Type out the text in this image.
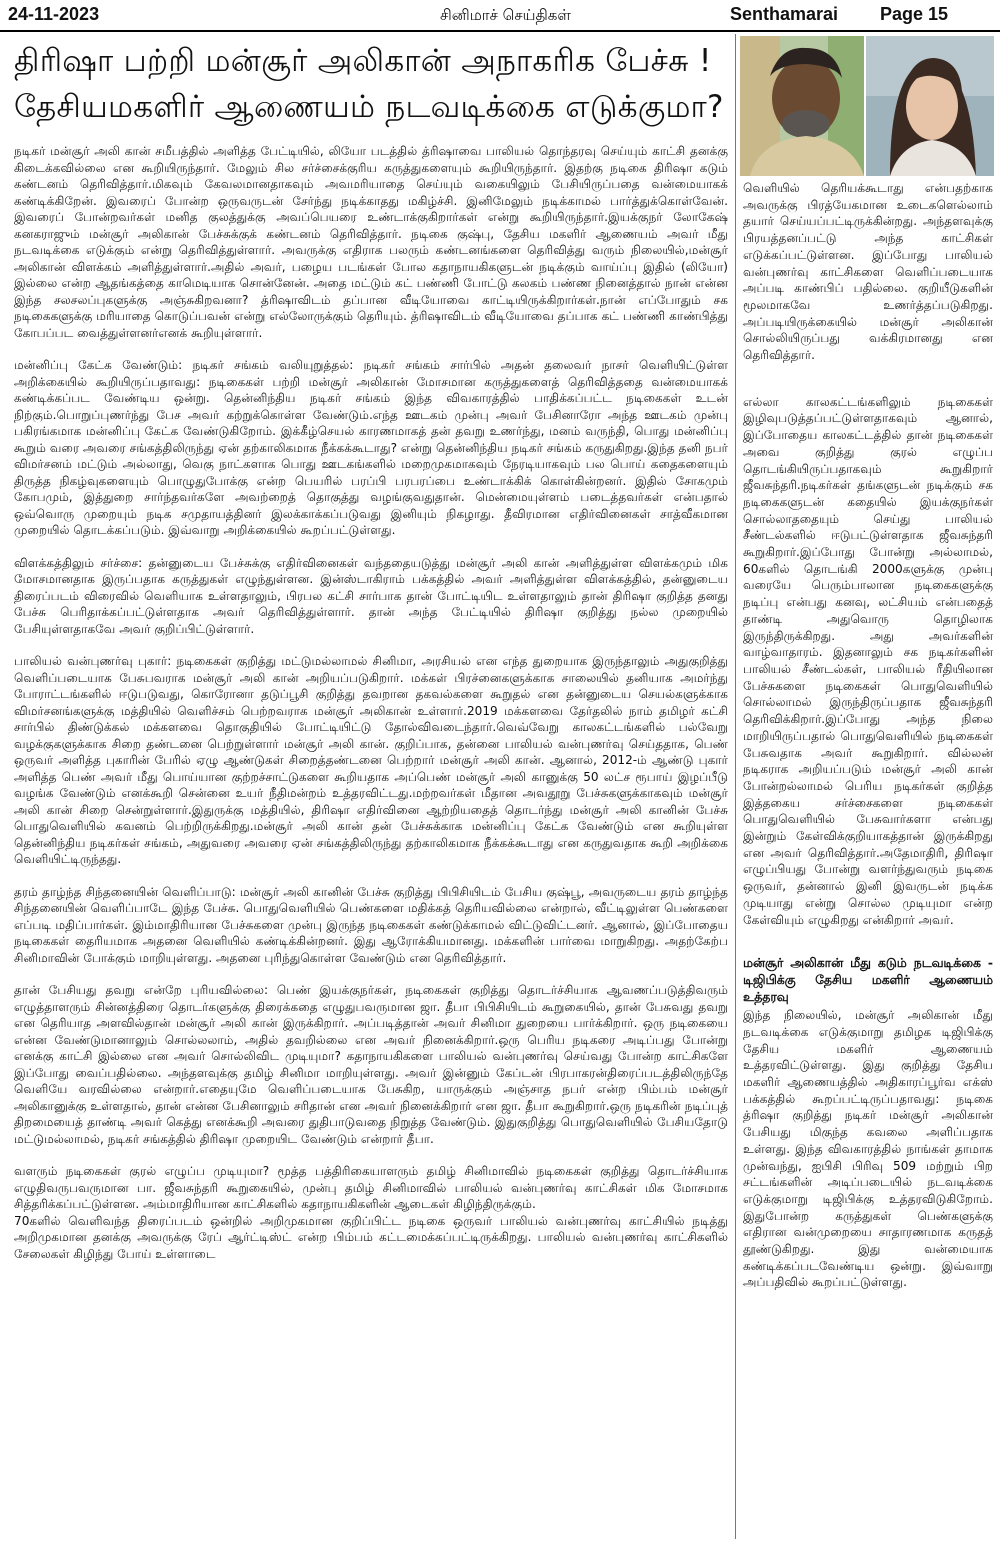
24-11-2023	சினிமாச் செய்திகள்	Senthamarai Page 15
திரிஷா பற்றி மன்சூர் அலிகான் அநாகரிக பேச்சு !
தேசியமகளிர் ஆணையம் நடவடிக்கை எடுக்குமா?

நடிகர் மன்சூர் அலி கான் சமீபத்தில் அளித்த பேட்டியில், லியோ படத்தில் த்ரிஷாவை பாலியல் தொந்தரவு செய்யும் காட்சி தனக்கு கிடைக்கவில்லை என கூறியிருந்தார். மேலும் சில சர்ச்சைக்குரிய கருத்துகளையும் கூறியிருந்தார். இதற்கு நடிகை திரிஷா கடும் கண்டனம் தெரிவித்தார்.மிகவும் கேவலமானதாகவும் அவமரியாதை செய்யும் வகையிலும் பேசியிருப்பதை வன்மையாகக் கண்டிக்கிறேன். இவரைப் போன்ற ஒருவருடன் சேர்ந்து நடிக்காதது மகிழ்ச்சி. இனிமேலும் நடிக்காமல் பார்த்துக்கொள்வேன். இவரைப் போன்றவர்கள் மனித குலத்துக்கு அவப்பெயரை உண்டாக்குகிறார்கள் என்று கூறியிருந்தார்.இயக்குநர் லோகேஷ் கனகராஜும் மன்சூர் அலிகான் பேச்சுக்குக் கண்டனம் தெரிவித்தார். நடிகை குஷ்பு, தேசிய மகளிர் ஆணையம் அவர் மீது நடவடிக்கை எடுக்கும் என்று தெரிவித்துள்ளார். அவருக்கு எதிராக பலரும் கண்டனங்களை தெரிவித்து வரும் நிலையில்,மன்சூர் அலிகான் விளக்கம் அளித்துள்ளார்.அதில் அவர், பழைய படங்கள் போல கதாநாயகிகளுடன் நடிக்கும் வாய்ப்பு இதில் (லியோ) இல்லை என்ற ஆதங்கத்தை காமெடியாக சொன்னேன். அதை மட்டும் கட் பண்ணி போட்டு கலகம் பண்ண நினைத்தால் நான் என்ன இந்த சலசலப்புகளுக்கு அஞ்சுகிறவனா? த்ரிஷாவிடம் தப்பான வீடியோவை காட்டியிருக்கிறார்கள்.நான் எப்போதும் சக நடிகைகளுக்கு மரியாதை கொடுப்பவன் என்று எல்லோருக்கும் தெரியும். த்ரிஷாவிடம் வீடியோவை தப்பாக கட் பண்ணி காண்பித்து கோபப்பட வைத்துள்ளனர்எனக் கூறியுள்ளார்.

மன்னிப்பு கேட்க வேண்டும்: நடிகர் சங்கம் வலியுறுத்தல்: நடிகர் சங்கம் சார்பில் அதன் தலைவர் நாசர் வெளியிட்டுள்ள அறிக்கையில் கூறியிருப்பதாவது: நடிகைகள் பற்றி மன்சூர் அலிகான் மோசமான கருத்துகளைத் தெரிவித்ததை வன்மையாகக் கண்டிக்கப்பட வேண்டிய ஒன்று. தென்னிந்திய நடிகர் சங்கம் இந்த விவகாரத்தில் பாதிக்கப்பட்ட நடிகைகள் உடன் நிற்கும்.பொறுப்புணர்ந்து பேச அவர் கற்றுக்கொள்ள வேண்டும்.எந்த ஊடகம் முன்பு அவர் பேசினாரோ அந்த ஊடகம் முன்பு பகிரங்கமாக மன்னிப்பு கேட்க வேண்டுகிறோம். இக்கீழ்செயல் காரணமாகத் தன் தவறு உணர்ந்து, மனம் வருந்தி, பொது மன்னிப்பு கூறும் வரை அவரை சங்கத்திலிருந்து ஏன் தற்காலிகமாக நீக்கக்கூடாது? என்று தென்னிந்திய நடிகர் சங்கம் கருதுகிறது.இந்த தனி நபர் விமர்சனம் மட்டும் அல்லாது, வெகு நாட்களாக பொது ஊடகங்களில் மறைமுகமாகவும் நேரடியாகவும் பல பொய் கதைகளையும் திருத்த நிகழ்வுகளையும் பொழுதுபோக்கு என்ற பெயரில் பரப்பி பரபரப்பை உண்டாக்கிக் கொள்கின்றனர். இதில் சோகமும் கோபமும், இத்துறை சார்ந்தவர்களே அவற்றைத் தொகுத்து வழங்குவதுதான். மென்மையுள்ளம் படைத்தவர்கள் என்பதால் ஒவ்வொரு முறையும் நடிக சமுதாயத்தினர் இலக்காக்கப்படுவது இனியும் நிகழாது. தீவிரமான எதிர்வினைகள் சாத்வீகமான முறையில் தொடக்கப்படும். இவ்வாறு அறிக்கையில் கூறப்பட்டுள்ளது.

விளக்கத்திலும் சர்ச்சை: தன்னுடைய பேச்சுக்கு எதிர்வினைகள் வந்ததையடுத்து மன்சூர் அலி கான் அளித்துள்ள விளக்கமும் மிக மோசமானதாக இருப்பதாக கருத்துகள் எழுந்துள்ளன. இன்ஸ்டாகிராம் பக்கத்தில் அவர் அளித்துள்ள விளக்கத்தில், தன்னுடைய திரைப்படம் விரைவில் வெளியாக உள்ளதாலும், பிரபல கட்சி சார்பாக தான் போட்டியிட உள்ளதாலும் தான் திரிஷா குறித்த தனது பேச்சு பெரிதாக்கப்பட்டுள்ளதாக அவர் தெரிவித்துள்ளார். தான் அந்த பேட்டியில் திரிஷா குறித்து நல்ல முறையில் பேசியுள்ளதாகவே அவர் குறிப்பிட்டுள்ளார்.

பாலியல் வன்புணர்வு புகார்: நடிகைகள் குறித்து மட்டுமல்லாமல் சினிமா, அரசியல் என எந்த துறையாக இருந்தாலும் அதுகுறித்து வெளிப்படையாக பேசுபவராக மன்சூர் அலி கான் அறியப்படுகிறார். மக்கள் பிரச்னைகளுக்காக சாலையில் தனியாக அமர்ந்து போராட்டங்களில் ஈடுபடுவது, கொரோனா தடுப்பூசி குறித்து தவறான தகவல்களை கூறுதல் என தன்னுடைய செயல்களுக்காக விமர்சனங்களுக்கு மத்தியில் வெளிச்சம் பெற்றவராக மன்சூர் அலிகான் உள்ளார்.2019 மக்களவை தேர்தலில் நாம் தமிழர் கட்சி சார்பில் திண்டுக்கல் மக்களவை தொகுதியில் போட்டியிட்டு தோல்விவடைந்தார்.வெவ்வேறு காலகட்டங்களில் பல்வேறு வழக்குகளுக்காக சிறை தண்டனை பெற்றுள்ளார் மன்சூர் அலி கான். குறிப்பாக, தன்னை பாலியல் வன்புணர்வு செய்ததாக, பெண் ஒருவர் அளித்த புகாரின் பேரில் ஏழு ஆண்டுகள் சிறைத்தண்டனை பெற்றார் மன்சூர் அலி கான். ஆனால், 2012-ம் ஆண்டு புகார் அளித்த பெண் அவர் மீது பொய்யான குற்றச்சாட்டுகளை கூறியதாக அப்பெண் மன்சூர் அலி கானுக்கு 50 லட்ச ரூபாய் இழப்பீடு வழங்க வேண்டும் எனக்கூறி சென்னை உயர் நீதிமன்றம் உத்தரவிட்டது.மற்றவர்கள் மீதான அவதூறு பேச்சுகளுக்காகவும் மன்சூர் அலி கான் சிறை சென்றுள்ளார்.இதுருக்கு மத்தியில், திரிஷா எதிர்வினை ஆற்றியதைத் தொடர்ந்து மன்சூர் அலி கானின் பேச்சு பொதுவெளியில் கவனம் பெற்றிருக்கிறது.மன்சூர் அலி கான் தன் பேச்சுக்காக மன்னிப்பு கேட்க வேண்டும் என கூறியுள்ள தென்னிந்திய நடிகர்கள் சங்கம், அதுவரை அவரை ஏன் சங்கத்திலிருந்து தற்காலிகமாக நீக்கக்கூடாது என கருதுவதாக கூறி அறிக்கை வெளியிட்டிருந்தது.

தரம் தாழ்ந்த சிந்தனையின் வெளிப்பாடு: மன்சூர் அலி கானின் பேச்சு குறித்து பிபிசியிடம் பேசிய குஷ்பூ, அவருடைய தரம் தாழ்ந்த சிந்தனையின் வெளிப்பாடே இந்த பேச்சு. பொதுவெளியில் பெண்களை மதிக்கத் தெரியவில்லை என்றால், வீட்டிலுள்ள பெண்களை எப்படி மதிப்பார்கள். இம்மாதிரியான பேச்சுகளை முன்பு இருந்த நடிகைகள் கண்டுக்காமல் விட்டுவிட்டனர். ஆனால், இப்போதைய நடிகைகள் தைரியமாக அதனை வெளியில் கண்டிக்கின்றனர். இது ஆரோக்கியமானது. மக்களின் பார்வை மாறுகிறது. அதற்கேற்ப சினிமாவின் போக்கும் மாறியுள்ளது. அதனை புரிந்துகொள்ள வேண்டும் என தெரிவித்தார்.

தான் பேசியது தவறு என்றே புரியவில்லை: பெண் இயக்குநர்கள், நடிகைகள் குறித்து தொடர்ச்சியாக ஆவணப்படுத்திவரும் எழுத்தாளரும் சின்னத்திரை தொடர்களுக்கு திரைக்கதை எழுதுபவருமான ஜா. தீபா பிபிசியிடம் கூறுகையில், தான் பேசுவது தவறு என தெரியாத அளவில்தான் மன்சூர் அலி கான் இருக்கிறார். அப்படித்தான் அவர் சினிமா துறையை பார்க்கிறார். ஒரு நடிகையை என்ன வேண்டுமானாலும் சொல்லலாம், அதில் தவறில்லை என அவர் நினைக்கிறார்.ஒரு பெரிய நடிகரை அடிப்பது போன்று எனக்கு காட்சி இல்லை என அவர் சொல்லிவிட முடியுமா? கதாநாயகிகளை பாலியல் வன்புணர்வு செய்வது போன்ற காட்சிகளே இப்போது வைப்பதில்லை. அந்தளவுக்கு தமிழ் சினிமா மாறியுள்ளது. அவர் இன்னும் கேப்டன் பிரபாகரன்திரைப்படத்திலிருந்தே வெளியே வரவில்லை என்றார்.எதையுமே வெளிப்படையாக பேசுகிற, யாருக்கும் அஞ்சாத நபர் என்ற பிம்பம் மன்சூர் அலிகானுக்கு உள்ளதால், தான் என்ன பேசினாலும் சரிதான் என அவர் நினைக்கிறார் என ஜா. தீபா கூறுகிறார்.ஒரு நடிகரின் நடிப்புத் திறமையைத் தாண்டி அவர் கெத்து எனக்கூறி அவரை துதிபாடுவதை நிறுத்த வேண்டும். இதுகுறித்து பொதுவெளியில் பேசியதோடு மட்டுமல்லாமல், நடிகர் சங்கத்தில் திரிஷா முறையிட வேண்டும் என்றார் தீபா.

வளரும் நடிகைகள் குரல் எழுப்ப முடியுமா? மூத்த பத்திரிகையாளரும் தமிழ் சினிமாவில் நடிகைகள் குறித்து தொடர்ச்சியாக எழுதிவருபவருமான பா. ஜீவசுந்தரி கூறுகையில், முன்பு தமிழ் சினிமாவில் பாலியல் வன்புணர்வு காட்சிகள் மிக மோசமாக சித்தரிக்கப்பட்டுள்ளன. அம்மாதிரியான காட்சிகளில் கதாநாயகிகளின் ஆடைகள் கிழிந்திருக்கும்.

70களில் வெளிவந்த திரைப்படம் ஒன்றில் அறிமுகமான குறிப்பிட்ட நடிகை ஒருவர் பாலியல் வன்புணர்வு காட்சியில் நடித்து அறிமுகமான தனக்கு அவருக்கு ரேப் ஆர்ட்டிஸ்ட் என்ற பிம்பம் கட்டமைக்கப்பட்டிருக்கிறது. பாலியல் வன்புணர்வு காட்சிகளில் சேலைகள் கிழிந்து போய் உள்ளாடை

வெளியில் தெரியக்கூடாது என்பதற்காக அவருக்கு பிரத்யேகமான உடைகளெல்லாம் தயார் செய்யப்பட்டிருக்கின்றது. அந்தளவுக்கு பிரயத்தனப்பட்டு அந்த காட்சிகள் எடுக்கப்பட்டுள்ளன. இப்போது பாலியல் வன்புணர்வு காட்சிகளை வெளிப்படையாக அப்படி காண்பிப் பதில்லை. குறியீடுகளின் மூலமாகவே உணர்த்தப்படுகிறது. அப்படியிருக்கையில் மன்சூர் அலிகான் சொல்லியிருப்பது வக்கிரமானது என தெரிவித்தார்.

எல்லா காலகட்டங்களிலும் நடிகைகள் இழிவுபடுத்தப்பட்டுள்ளதாகவும் ஆனால், இப்போதைய காலகட்டத்தில் தான் நடிகைகள் அவை குறித்து குரல் எழுப்ப தொடங்கியிருப்பதாகவும் கூறுகிறார் ஜீவசுந்தரி.நடிகர்கள் தங்களுடன் நடிக்கும் சக நடிகைகளுடன் கதையில் இயக்குநர்கள் சொல்லாததையும் செய்து பாலியல் சீண்டல்களில் ஈடுபட்டுள்ளதாக ஜீவசுந்தரி கூறுகிறார்.இப்போது போன்று அல்லாமல், 60களில் தொடங்கி 2000களுக்கு முன்பு வரையே பெரும்பாலான நடிகைகளுக்கு நடிப்பு என்பது கனவு, லட்சியம் என்பதைத் தாண்டி அதுவொரு தொழிலாக இருந்திருக்கிறது. அது அவர்களின் வாழ்வாதாரம். இதனாலும் சக நடிகர்களின் பாலியல் சீண்டல்கள், பாலியல் ரீதியிலான பேச்சுகளை நடிகைகள் பொதுவெளியில் சொல்லாமல் இருந்திருப்பதாக ஜீவசுந்தரி தெரிவிக்கிறார்.இப்போது அந்த நிலை மாறியிருப்பதால் பொதுவெளியில் நடிகைகள் பேசுவதாக அவர் கூறுகிறார். வில்லன் நடிகராக அறியப்படும் மன்சூர் அலி கான் போன்றல்லாமல் பெரிய நடிகர்கள் குறித்த இத்தகைய சர்ச்சைகளை நடிகைகள் பொதுவெளியில் பேசுவார்களா என்பது இன்றும் கேள்விக்குறியாகத்தான் இருக்கிறது என அவர் தெரிவித்தார்.அதேமாதிரி, திரிஷா எழுப்பியது போன்று வளர்ந்துவரும் நடிகை ஒருவர், தன்னால் இனி இவருடன் நடிக்க முடியாது என்று சொல்ல முடியுமா என்ற கேள்வியும் எழுகிறது என்கிறார் அவர்.

மன்சூர் அலிகான் மீது கடும் நடவடிக்கை - டிஜிபிக்கு தேசிய மகளிர் ஆணையம் உத்தரவு

இந்த நிலையில், மன்சூர் அலிகான் மீது நடவடிக்கை எடுக்குமாறு தமிழக டிஜிபிக்கு தேசிய மகளிர் ஆணையம் உத்தரவிட்டுள்ளது. இது குறித்து தேசிய மகளிர் ஆணையத்தில் அதிகாரப்பூர்வ எக்ஸ் பக்கத்தில் கூறப்பட்டிருப்பதாவது: நடிகை த்ரிஷா குறித்து நடிகர் மன்சூர் அலிகான் பேசியது மிகுந்த கவலை அளிப்பதாக உள்ளது. இந்த விவகாரத்தில் நாங்கள் தாமாக முன்வந்து, ஐபிசி பிரிவு 509 மற்றும் பிற சட்டங்களின் அடிப்படையில் நடவடிக்கை எடுக்குமாறு டிஜிபிக்கு உத்தரவிடுகிறோம். இதுபோன்ற கருத்துகள் பெண்களுக்கு எதிரான வன்முறையை சாதாரணமாக கருதத் தூண்டுகிறது. இது வன்மையாக கண்டிக்கப்படவேண்டிய ஒன்று. இவ்வாறு அப்பதிவில் கூறப்பட்டுள்ளது.
